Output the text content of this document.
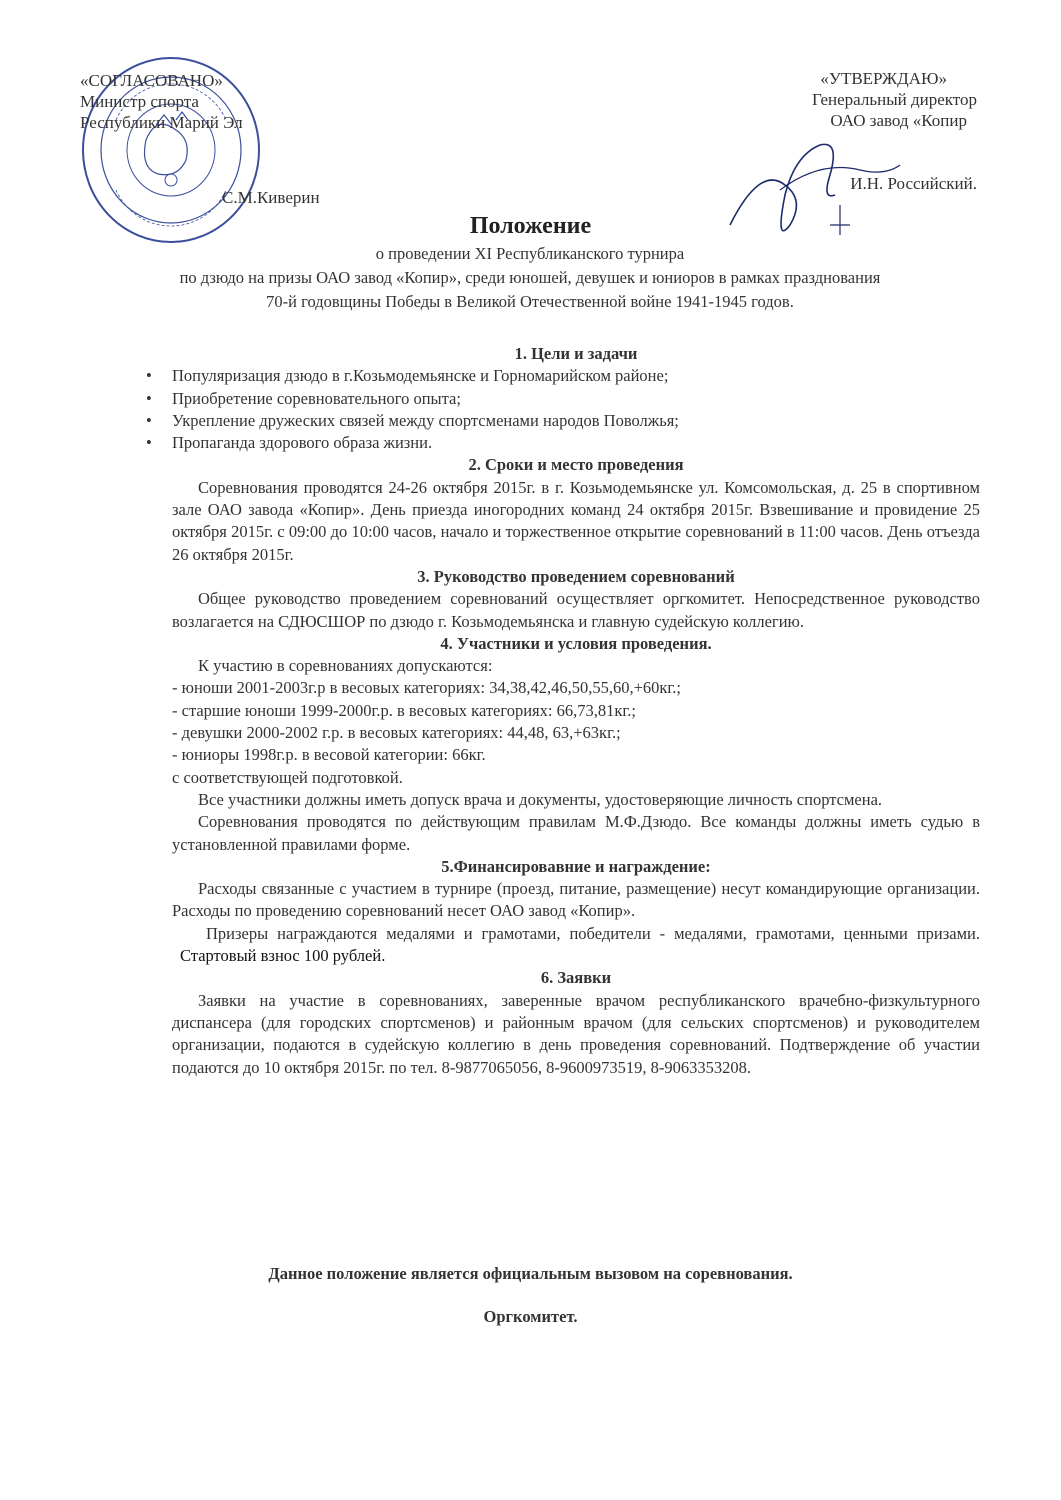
«СОГЛАСОВАНО»
Министр спорта
Республики Марий Эл
С.М.Киверин
«УТВЕРЖДАЮ»
Генеральный директор
ОАО завод «Копир
И.Н. Российский.
Положение
о проведении XI Республиканского турнира
по дзюдо на призы ОАО завод «Копир», среди юношей, девушек и юниоров в рамках празднования
70-й годовщины Победы в Великой Отечественной войне 1941-1945 годов.
1. Цели и задачи
• Популяризация дзюдо в г.Козьмодемьянске и Горномарийском районе;
• Приобретение соревновательного опыта;
• Укрепление дружеских связей между спортсменами народов Поволжья;
• Пропаганда здорового образа жизни.
2. Сроки и место проведения
Соревнования проводятся 24-26 октября 2015г. в г. Козьмодемьянске ул. Комсомольская, д. 25 в спортивном зале ОАО завода «Копир». День приезда иногородних команд 24 октября 2015г. Взвешивание и провидение 25 октября 2015г. с 09:00 до 10:00 часов, начало и торжественное открытие соревнований в 11:00 часов. День отъезда 26 октября 2015г.
3. Руководство проведением соревнований
Общее руководство проведением соревнований осуществляет оргкомитет. Непосредственное руководство возлагается на СДЮСШОР по дзюдо г. Козьмодемьянска и главную судейскую коллегию.
4. Участники и условия проведения.
К участию в соревнованиях допускаются:
- юноши 2001-2003г.р в весовых категориях: 34,38,42,46,50,55,60,+60кг.;
- старшие юноши 1999-2000г.р. в весовых категориях: 66,73,81кг.;
- девушки 2000-2002 г.р. в весовых категориях: 44,48, 63,+63кг.;
- юниоры 1998г.р. в весовой категории: 66кг.
с соответствующей подготовкой.
Все участники должны иметь допуск врача и документы, удостоверяющие личность спортсмена.
Соревнования проводятся по действующим правилам М.Ф.Дзюдо. Все команды должны иметь судью в установленной правилами форме.
5.Финансировавние и награждение:
Расходы связанные с участием в турнире (проезд, питание, размещение) несут командирующие организации. Расходы по проведению соревнований несет ОАО завод «Копир».
Призеры награждаются медалями и грамотами, победители - медалями, грамотами, ценными призами. Стартовый взнос 100 рублей.
6. Заявки
Заявки на участие в соревнованиях, заверенные врачом республиканского врачебно-физкультурного диспансера (для городских спортсменов) и районным врачом (для сельских спортсменов) и руководителем организации, подаются в судейскую коллегию в день проведения соревнований. Подтверждение об участии подаются до 10 октября 2015г. по тел. 8-9877065056, 8-9600973519, 8-9063353208.
Данное положение является официальным вызовом на соревнования.
Оргкомитет.
